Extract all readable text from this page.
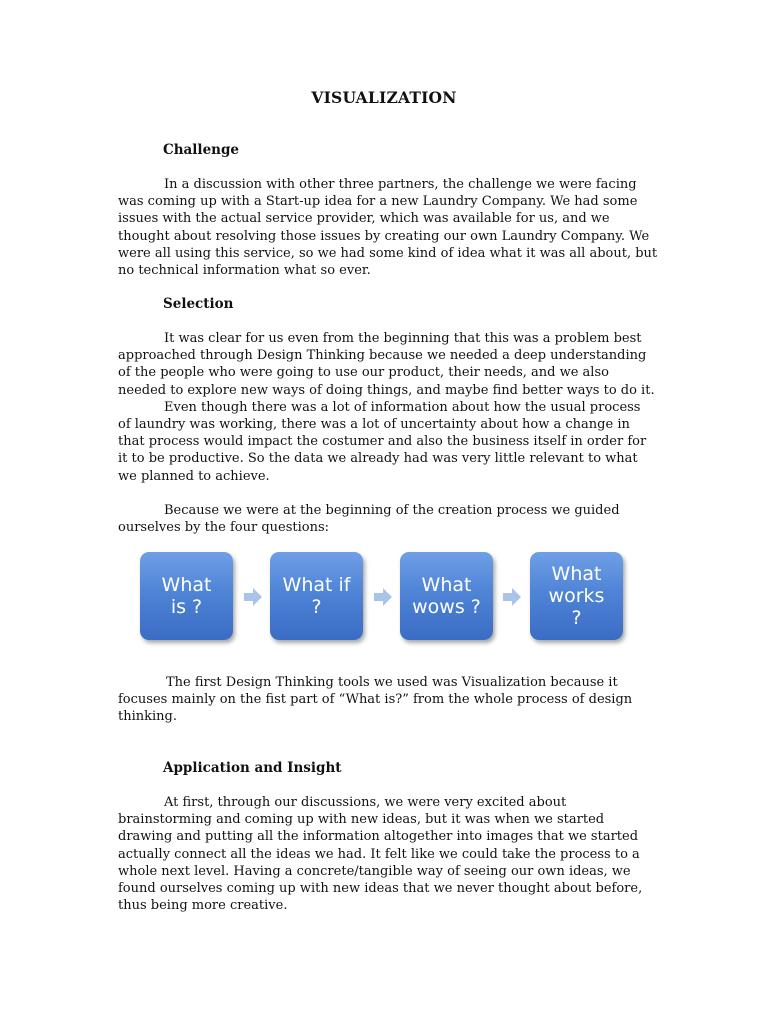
VISUALIZATION
Challenge
In a discussion with other three partners, the challenge we were facing
was coming up with a Start-up idea for a new Laundry Company. We had some
issues with the actual service provider, which was available for us, and we
thought about resolving those issues by creating our own Laundry Company. We
were all using this service, so we had some kind of idea what it was all about, but
no technical information what so ever.
Selection
It was clear for us even from the beginning that this was a problem best
approached through Design Thinking because we needed a deep understanding
of the people who were going to use our product, their needs, and we also
needed to explore new ways of doing things, and maybe find better ways to do it.
Even though there was a lot of information about how the usual process
of laundry was working, there was a lot of uncertainty about how a change in
that process would impact the costumer and also the business itself in order for
it to be productive. So the data we already had was very little relevant to what
we planned to achieve.
Because we were at the beginning of the creation process we guided
ourselves by the four questions:
What
is ?
What if
?
What
wows ?
What
works
?
The first Design Thinking tools we used was Visualization because it
focuses mainly on the fist part of “What is?” from the whole process of design
thinking.
Application and Insight
At first, through our discussions, we were very excited about
brainstorming and coming up with new ideas, but it was when we started
drawing and putting all the information altogether into images that we started
actually connect all the ideas we had. It felt like we could take the process to a
whole next level. Having a concrete/tangible way of seeing our own ideas, we
found ourselves coming up with new ideas that we never thought about before,
thus being more creative.
